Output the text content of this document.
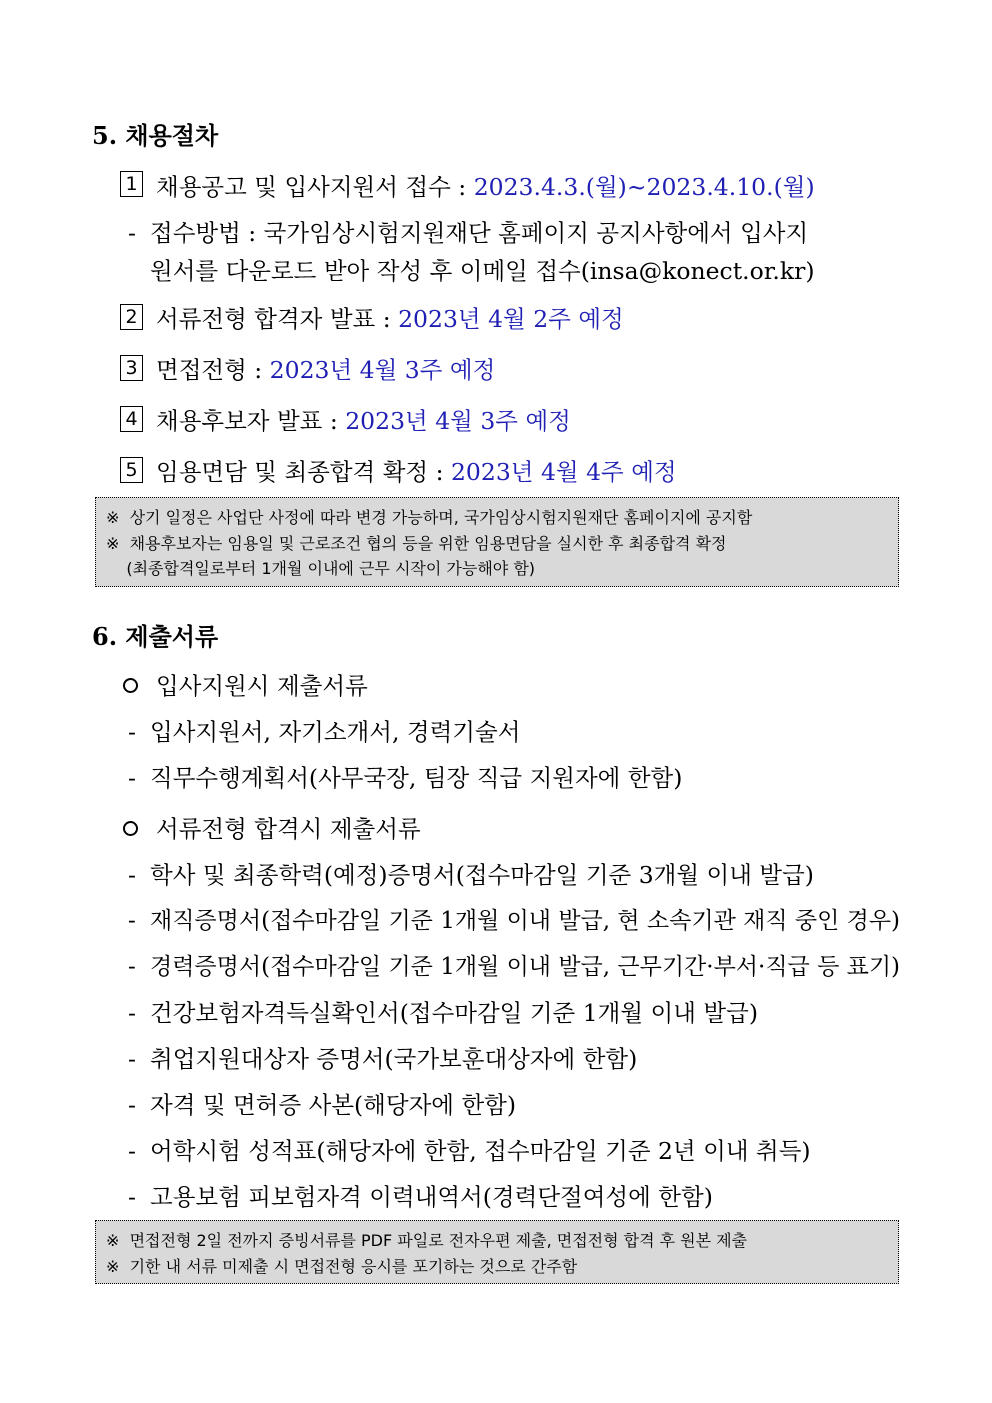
5. 채용절차
1 채용공고 및 입사지원서 접수 : 2023.4.3.(월)~2023.4.10.(월)
- 접수방법 : 국가임상시험지원재단 홈페이지 공지사항에서 입사지
원서를 다운로드 받아 작성 후 이메일 접수(insa@konect.or.kr)
2 서류전형 합격자 발표 : 2023년 4월 2주 예정
3 면접전형 : 2023년 4월 3주 예정
4 채용후보자 발표 : 2023년 4월 3주 예정
5 임용면담 및 최종합격 확정 : 2023년 4월 4주 예정
※  상기 일정은 사업단 사정에 따라 변경 가능하며, 국가임상시험지원재단 홈페이지에 공지함
※  채용후보자는 임용일 및 근로조건 협의 등을 위한 임용면담을 실시한 후 최종합격 확정
(최종합격일로부터 1개월 이내에 근무 시작이 가능해야 함)
6. 제출서류
입사지원시 제출서류
- 입사지원서, 자기소개서, 경력기술서
- 직무수행계획서(사무국장, 팀장 직급 지원자에 한함)
서류전형 합격시 제출서류
- 학사 및 최종학력(예정)증명서(접수마감일 기준 3개월 이내 발급)
- 재직증명서(접수마감일 기준 1개월 이내 발급, 현 소속기관 재직 중인 경우)
- 경력증명서(접수마감일 기준 1개월 이내 발급, 근무기간·부서·직급 등 표기)
- 건강보험자격득실확인서(접수마감일 기준 1개월 이내 발급)
- 취업지원대상자 증명서(국가보훈대상자에 한함)
- 자격 및 면허증 사본(해당자에 한함)
- 어학시험 성적표(해당자에 한함, 접수마감일 기준 2년 이내 취득)
- 고용보험 피보험자격 이력내역서(경력단절여성에 한함)
※  면접전형 2일 전까지 증빙서류를 PDF 파일로 전자우편 제출, 면접전형 합격 후 원본 제출
※  기한 내 서류 미제출 시 면접전형 응시를 포기하는 것으로 간주함
